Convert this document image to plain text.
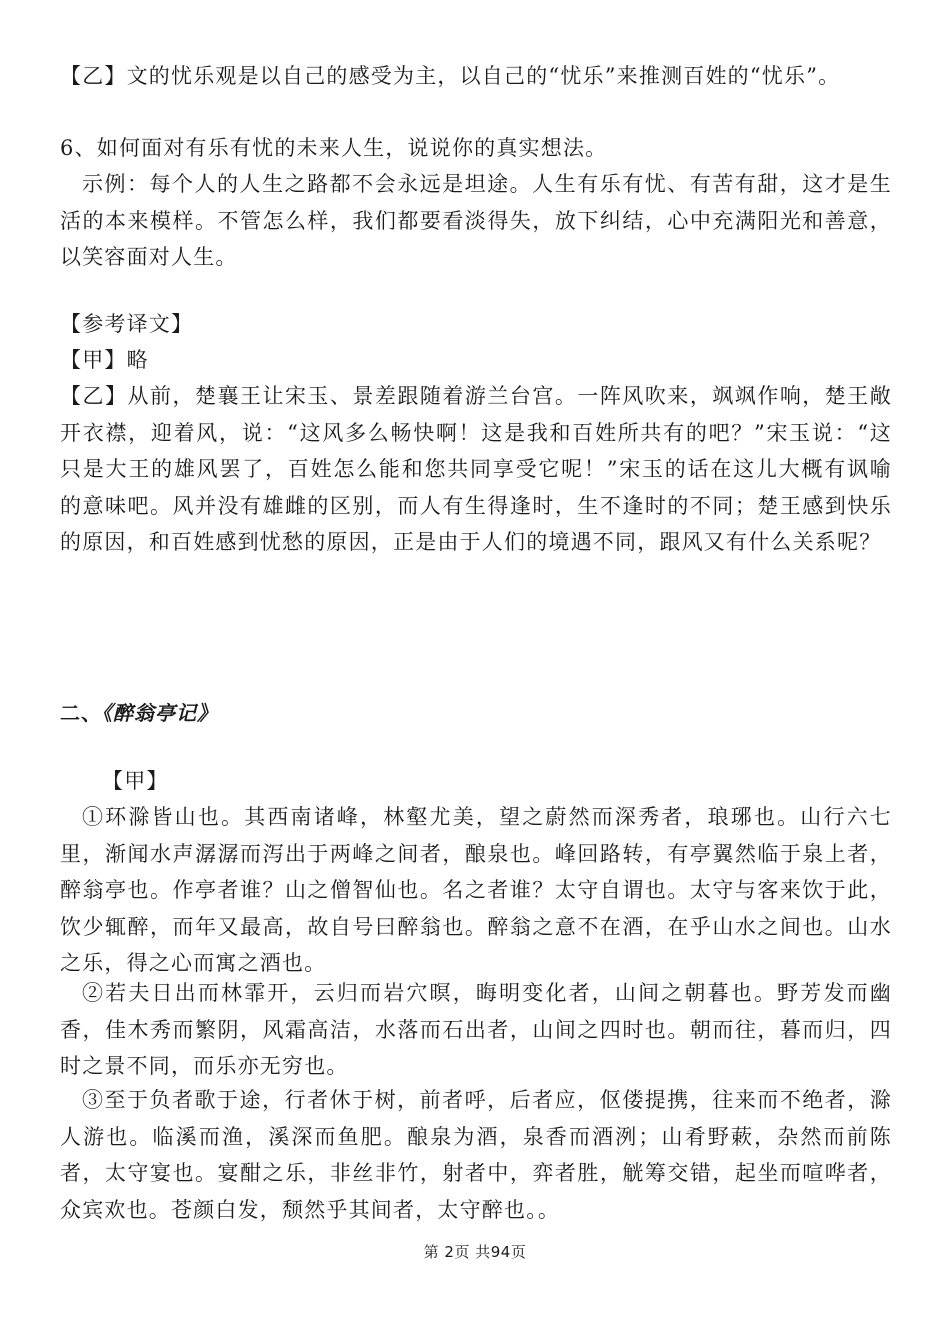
【乙】文的忧乐观是以自己的感受为主，以自己的“忧乐”来推测百姓的“忧乐”。

6、如何面对有乐有忧的未来人生，说说你的真实想法。

示例：每个人的人生之路都不会永远是坦途。人生有乐有忧、有苦有甜，这才是生活的本来模样。不管怎么样，我们都要看淡得失，放下纠结，心中充满阳光和善意，以笑容面对人生。

【参考译文】

【甲】略

【乙】从前，楚襄王让宋玉、景差跟随着游兰台宫。一阵风吹来，飒飒作响，楚王敞开衣襟，迎着风，说：“这风多么畅快啊！这是我和百姓所共有的吧？”宋玉说：“这只是大王的雄风罢了，百姓怎么能和您共同享受它呢！”宋玉的话在这儿大概有讽喻的意味吧。风并没有雄雌的区别，而人有生得逢时，生不逢时的不同；楚王感到快乐的原因，和百姓感到忧愁的原因，正是由于人们的境遇不同，跟风又有什么关系呢？

二、《醉翁亭记》

【甲】

①环滁皆山也。其西南诸峰，林壑尤美，望之蔚然而深秀者，琅琊也。山行六七里，渐闻水声潺潺而泻出于两峰之间者，酿泉也。峰回路转，有亭翼然临于泉上者，醉翁亭也。作亭者谁？山之僧智仙也。名之者谁？太守自谓也。太守与客来饮于此，饮少辄醉，而年又最高，故自号曰醉翁也。醉翁之意不在酒，在乎山水之间也。山水之乐，得之心而寓之酒也。

②若夫日出而林霏开，云归而岩穴暝，晦明变化者，山间之朝暮也。野芳发而幽香，佳木秀而繁阴，风霜高洁，水落而石出者，山间之四时也。朝而往，暮而归，四时之景不同，而乐亦无穷也。

③至于负者歌于途，行者休于树，前者呼，后者应，伛偻提携，往来而不绝者，滁人游也。临溪而渔，溪深而鱼肥。酿泉为酒，泉香而酒洌；山肴野蔌，杂然而前陈者，太守宴也。宴酣之乐，非丝非竹，射者中，弈者胜，觥筹交错，起坐而喧哗者，众宾欢也。苍颜白发，颓然乎其间者，太守醉也。。

第 2页 共94页
